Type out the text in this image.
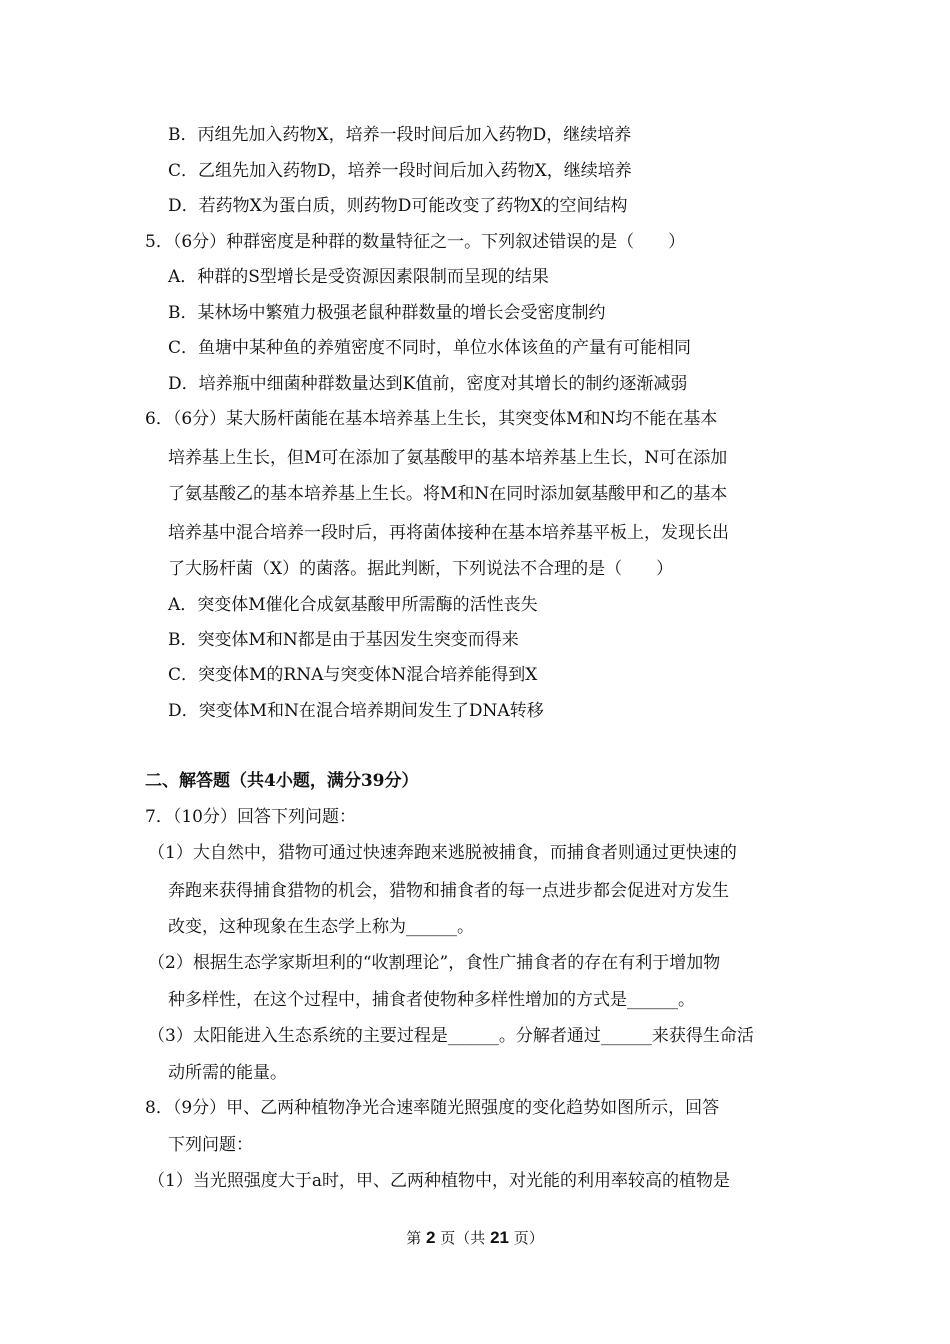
B．丙组先加入药物X，培养一段时间后加入药物D，继续培养
C．乙组先加入药物D，培养一段时间后加入药物X，继续培养
D．若药物X为蛋白质，则药物D可能改变了药物X的空间结构
5．（6分）种群密度是种群的数量特征之一。下列叙述错误的是（　　）
A．种群的S型增长是受资源因素限制而呈现的结果
B．某林场中繁殖力极强老鼠种群数量的增长会受密度制约
C．鱼塘中某种鱼的养殖密度不同时，单位水体该鱼的产量有可能相同
D．培养瓶中细菌种群数量达到K值前，密度对其增长的制约逐渐减弱
6．（6分）某大肠杆菌能在基本培养基上生长，其突变体M和N均不能在基本
培养基上生长，但M可在添加了氨基酸甲的基本培养基上生长，N可在添加
了氨基酸乙的基本培养基上生长。将M和N在同时添加氨基酸甲和乙的基本
培养基中混合培养一段时后，再将菌体接种在基本培养基平板上，发现长出
了大肠杆菌（X）的菌落。据此判断，下列说法不合理的是（　　）
A．突变体M催化合成氨基酸甲所需酶的活性丧失
B．突变体M和N都是由于基因发生突变而得来
C．突变体M的RNA与突变体N混合培养能得到X
D．突变体M和N在混合培养期间发生了DNA转移
二、解答题（共4小题，满分39分）
7．（10分）回答下列问题：
（1）大自然中，猎物可通过快速奔跑来逃脱被捕食，而捕食者则通过更快速的
奔跑来获得捕食猎物的机会，猎物和捕食者的每一点进步都会促进对方发生
改变，这种现象在生态学上称为______。
（2）根据生态学家斯坦利的“收割理论”，食性广捕食者的存在有利于增加物
种多样性，在这个过程中，捕食者使物种多样性增加的方式是______。
（3）太阳能进入生态系统的主要过程是______。分解者通过______来获得生命活
动所需的能量。
8．（9分）甲、乙两种植物净光合速率随光照强度的变化趋势如图所示，回答
下列问题：
（1）当光照强度大于a时，甲、乙两种植物中，对光能的利用率较高的植物是
第 2 页（共 21 页）
